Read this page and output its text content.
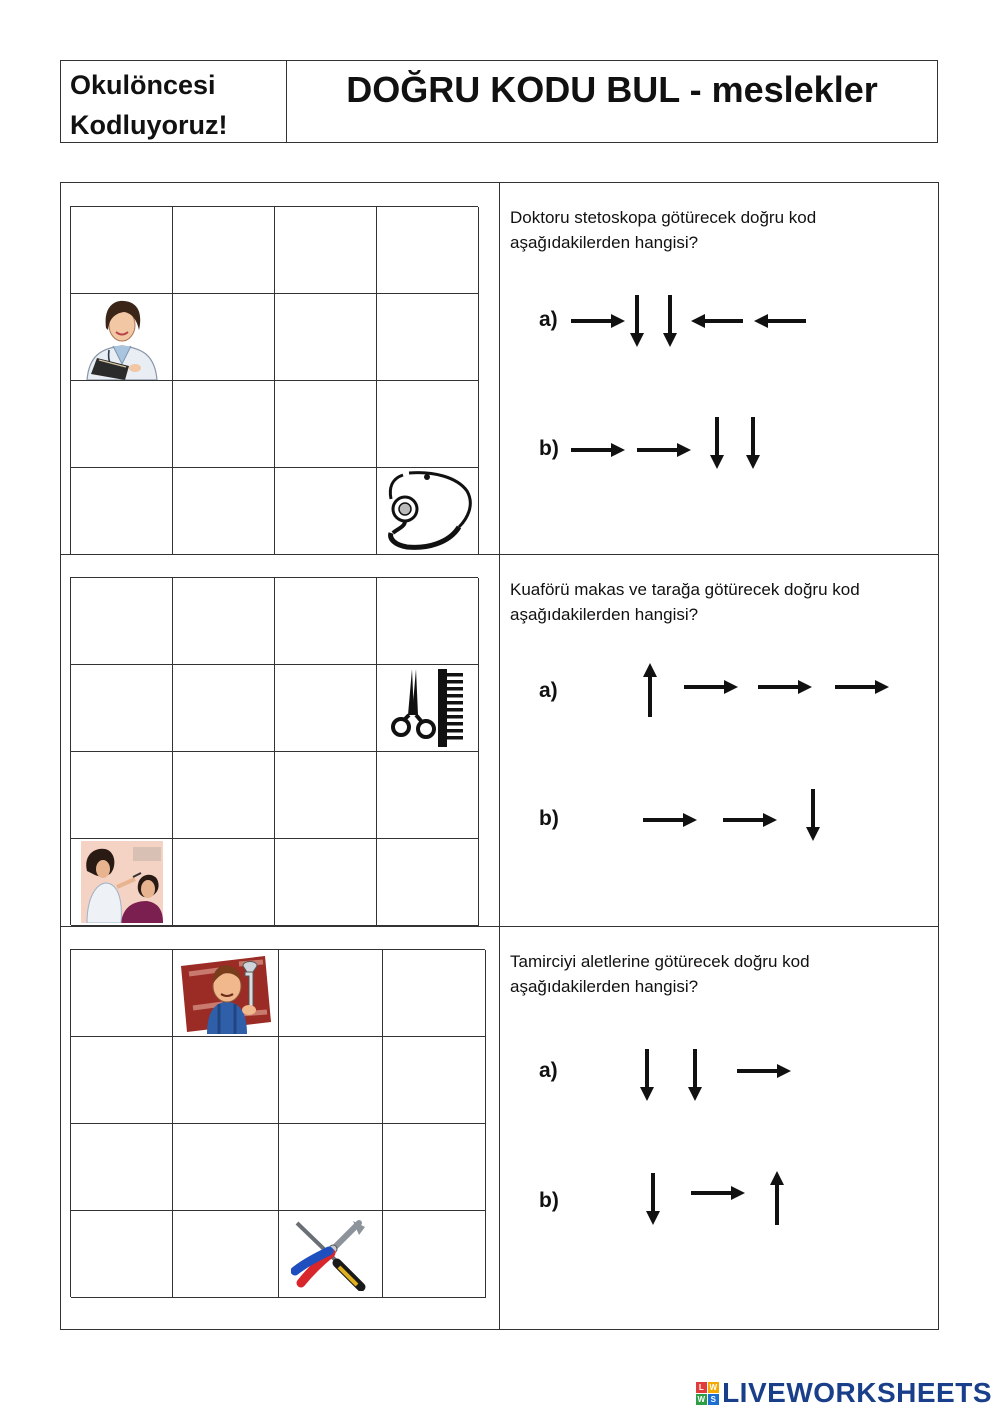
Okulöncesi
Kodluyoruz!
DOĞRU KODU BUL - meslekler
Doktoru stetoskopa götürecek doğru kod
aşağıdakilerden hangisi?
a)
b)
Kuaförü makas ve tarağa götürecek doğru kod
aşağıdakilerden hangisi?
a)
b)
Tamirciyi aletlerine götürecek doğru kod
aşağıdakilerden hangisi?
a)
b)
L W
W S LIVEWORKSHEETS
